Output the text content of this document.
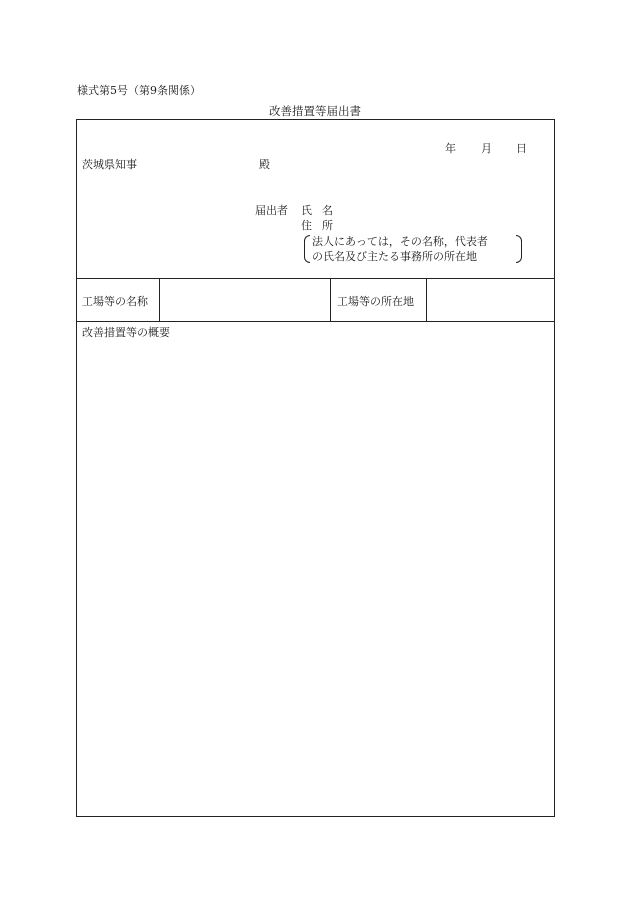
様式第5号（第9条関係）
改善措置等届出書
年 月 日
茨城県知事	殿
届出者 氏名
住所
法人にあっては，その名称，代表者
の氏名及び主たる事務所の所在地
工場等の名称	工場等の所在地
改善措置等の概要
